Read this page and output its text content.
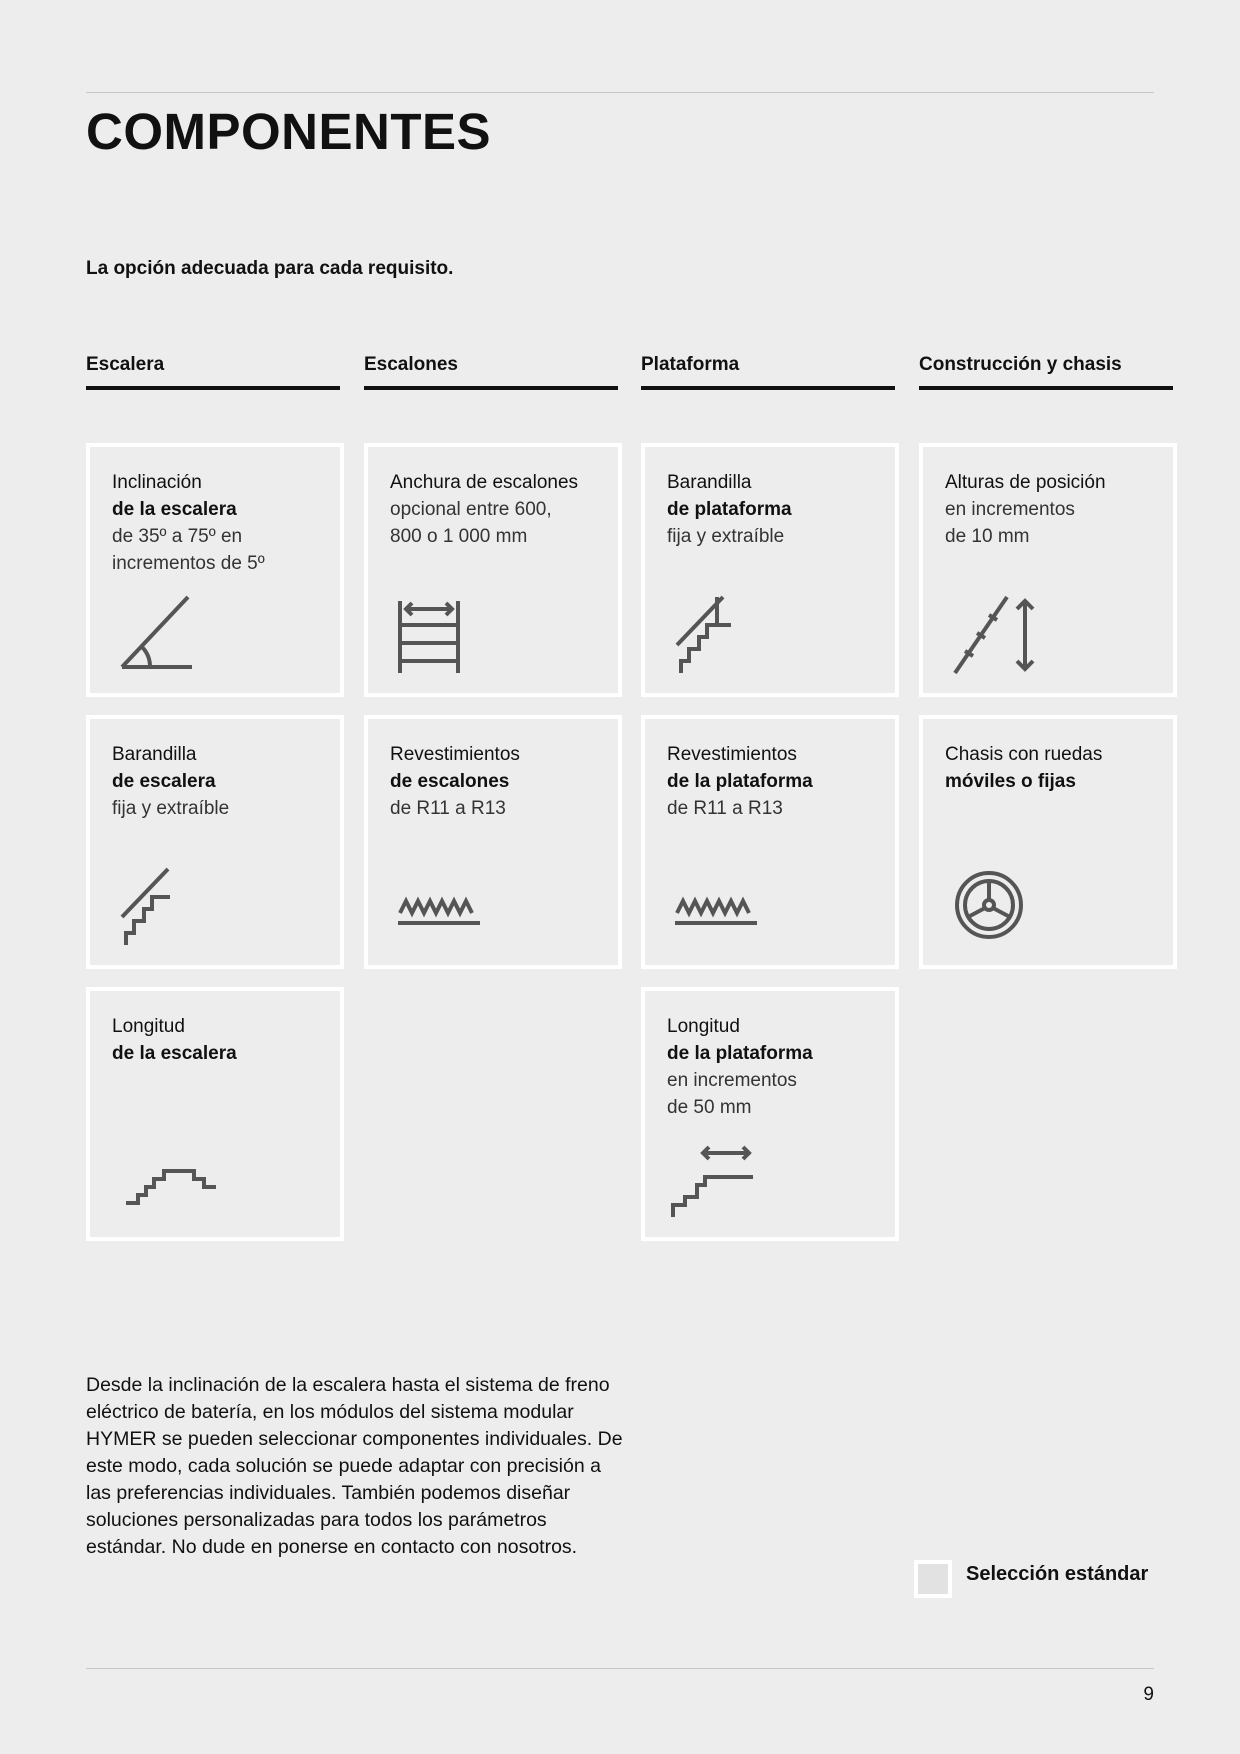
COMPONENTES

La opción adecuada para cada requisito.

Escalera	Escalones	Plataforma	Construcción y chasis
Inclinación
de la escalera
de 35º a 75º en
incrementos de 5º
Anchura de escalones
opcional entre 600,
800 o 1 000 mm
Barandilla
de plataforma
fija y extraíble
Alturas de posición
en incrementos
de 10 mm
Barandilla
de escalera
fija y extraíble
Revestimientos
de escalones
de R11 a R13
Revestimientos
de la plataforma
de R11 a R13
Chasis con ruedas
móviles o fijas
Longitud
de la escalera
Longitud
de la plataforma
en incrementos
de 50 mm

Desde la inclinación de la escalera hasta el sistema de freno eléctrico de batería, en los módulos del sistema modular HYMER se pueden seleccionar componentes individuales. De este modo, cada solución se puede adaptar con precisión a las preferencias individuales. También podemos diseñar soluciones personalizadas para todos los parámetros estándar. No dude en ponerse en contacto con nosotros.

Selección estándar
9
